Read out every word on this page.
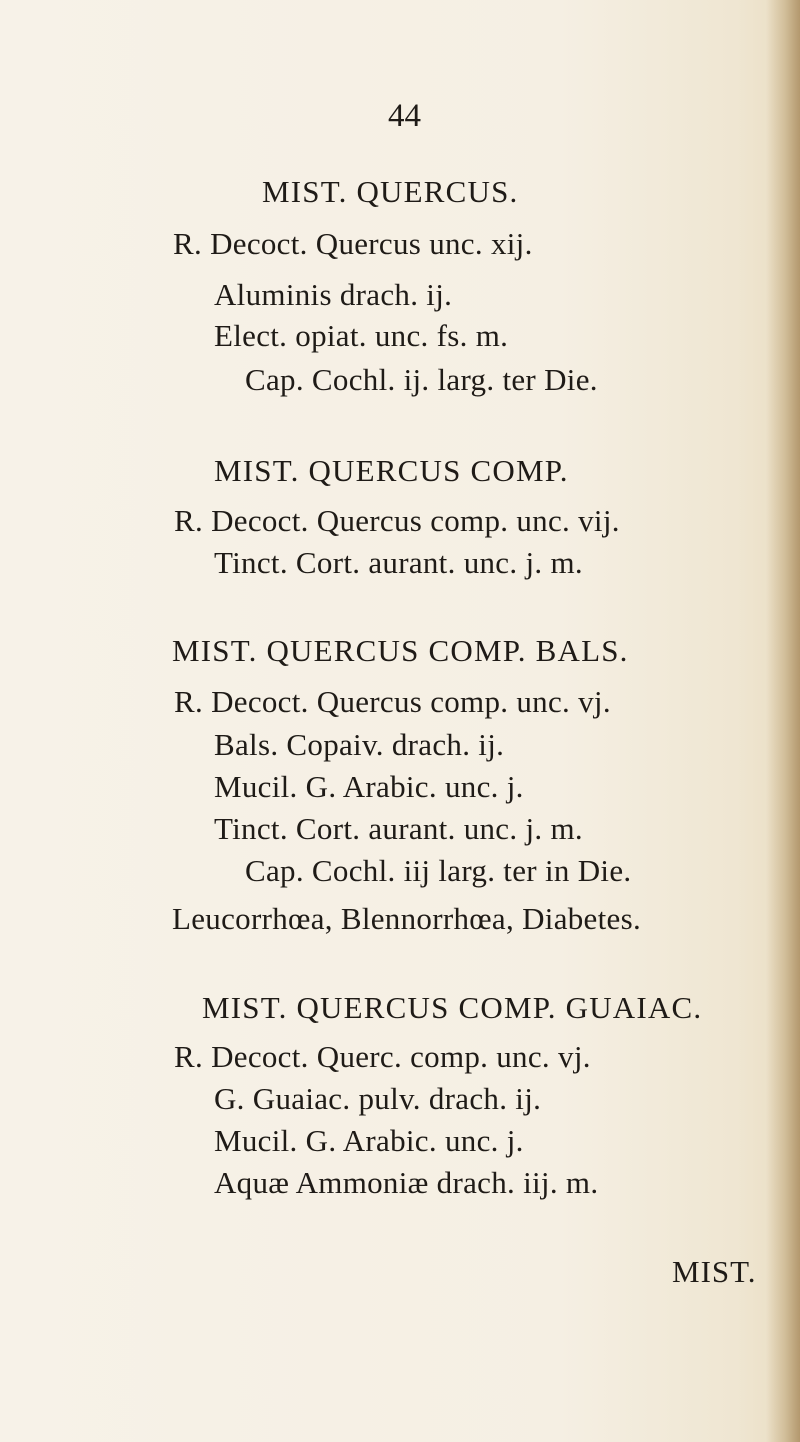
44
MIST. QUERCUS.
R. Decoct. Quercus unc. xij.
Aluminis drach. ij.
Elect. opiat. unc. fs. m.
Cap. Cochl. ij. larg. ter Die.
MIST. QUERCUS COMP.
R. Decoct. Quercus comp. unc. vij.
Tinct. Cort. aurant. unc. j. m.
MIST. QUERCUS COMP. BALS.
R. Decoct. Quercus comp. unc. vj.
Bals. Copaiv. drach. ij.
Mucil. G. Arabic. unc. j.
Tinct. Cort. aurant. unc. j. m.
Cap. Cochl. iij larg. ter in Die.
Leucorrhœa, Blennorrhœa, Diabetes.
MIST. QUERCUS COMP. GUAIAC.
R. Decoct. Querc. comp. unc. vj.
G. Guaiac. pulv. drach. ij.
Mucil. G. Arabic. unc. j.
Aquæ Ammoniæ drach. iij. m.
MIST.
